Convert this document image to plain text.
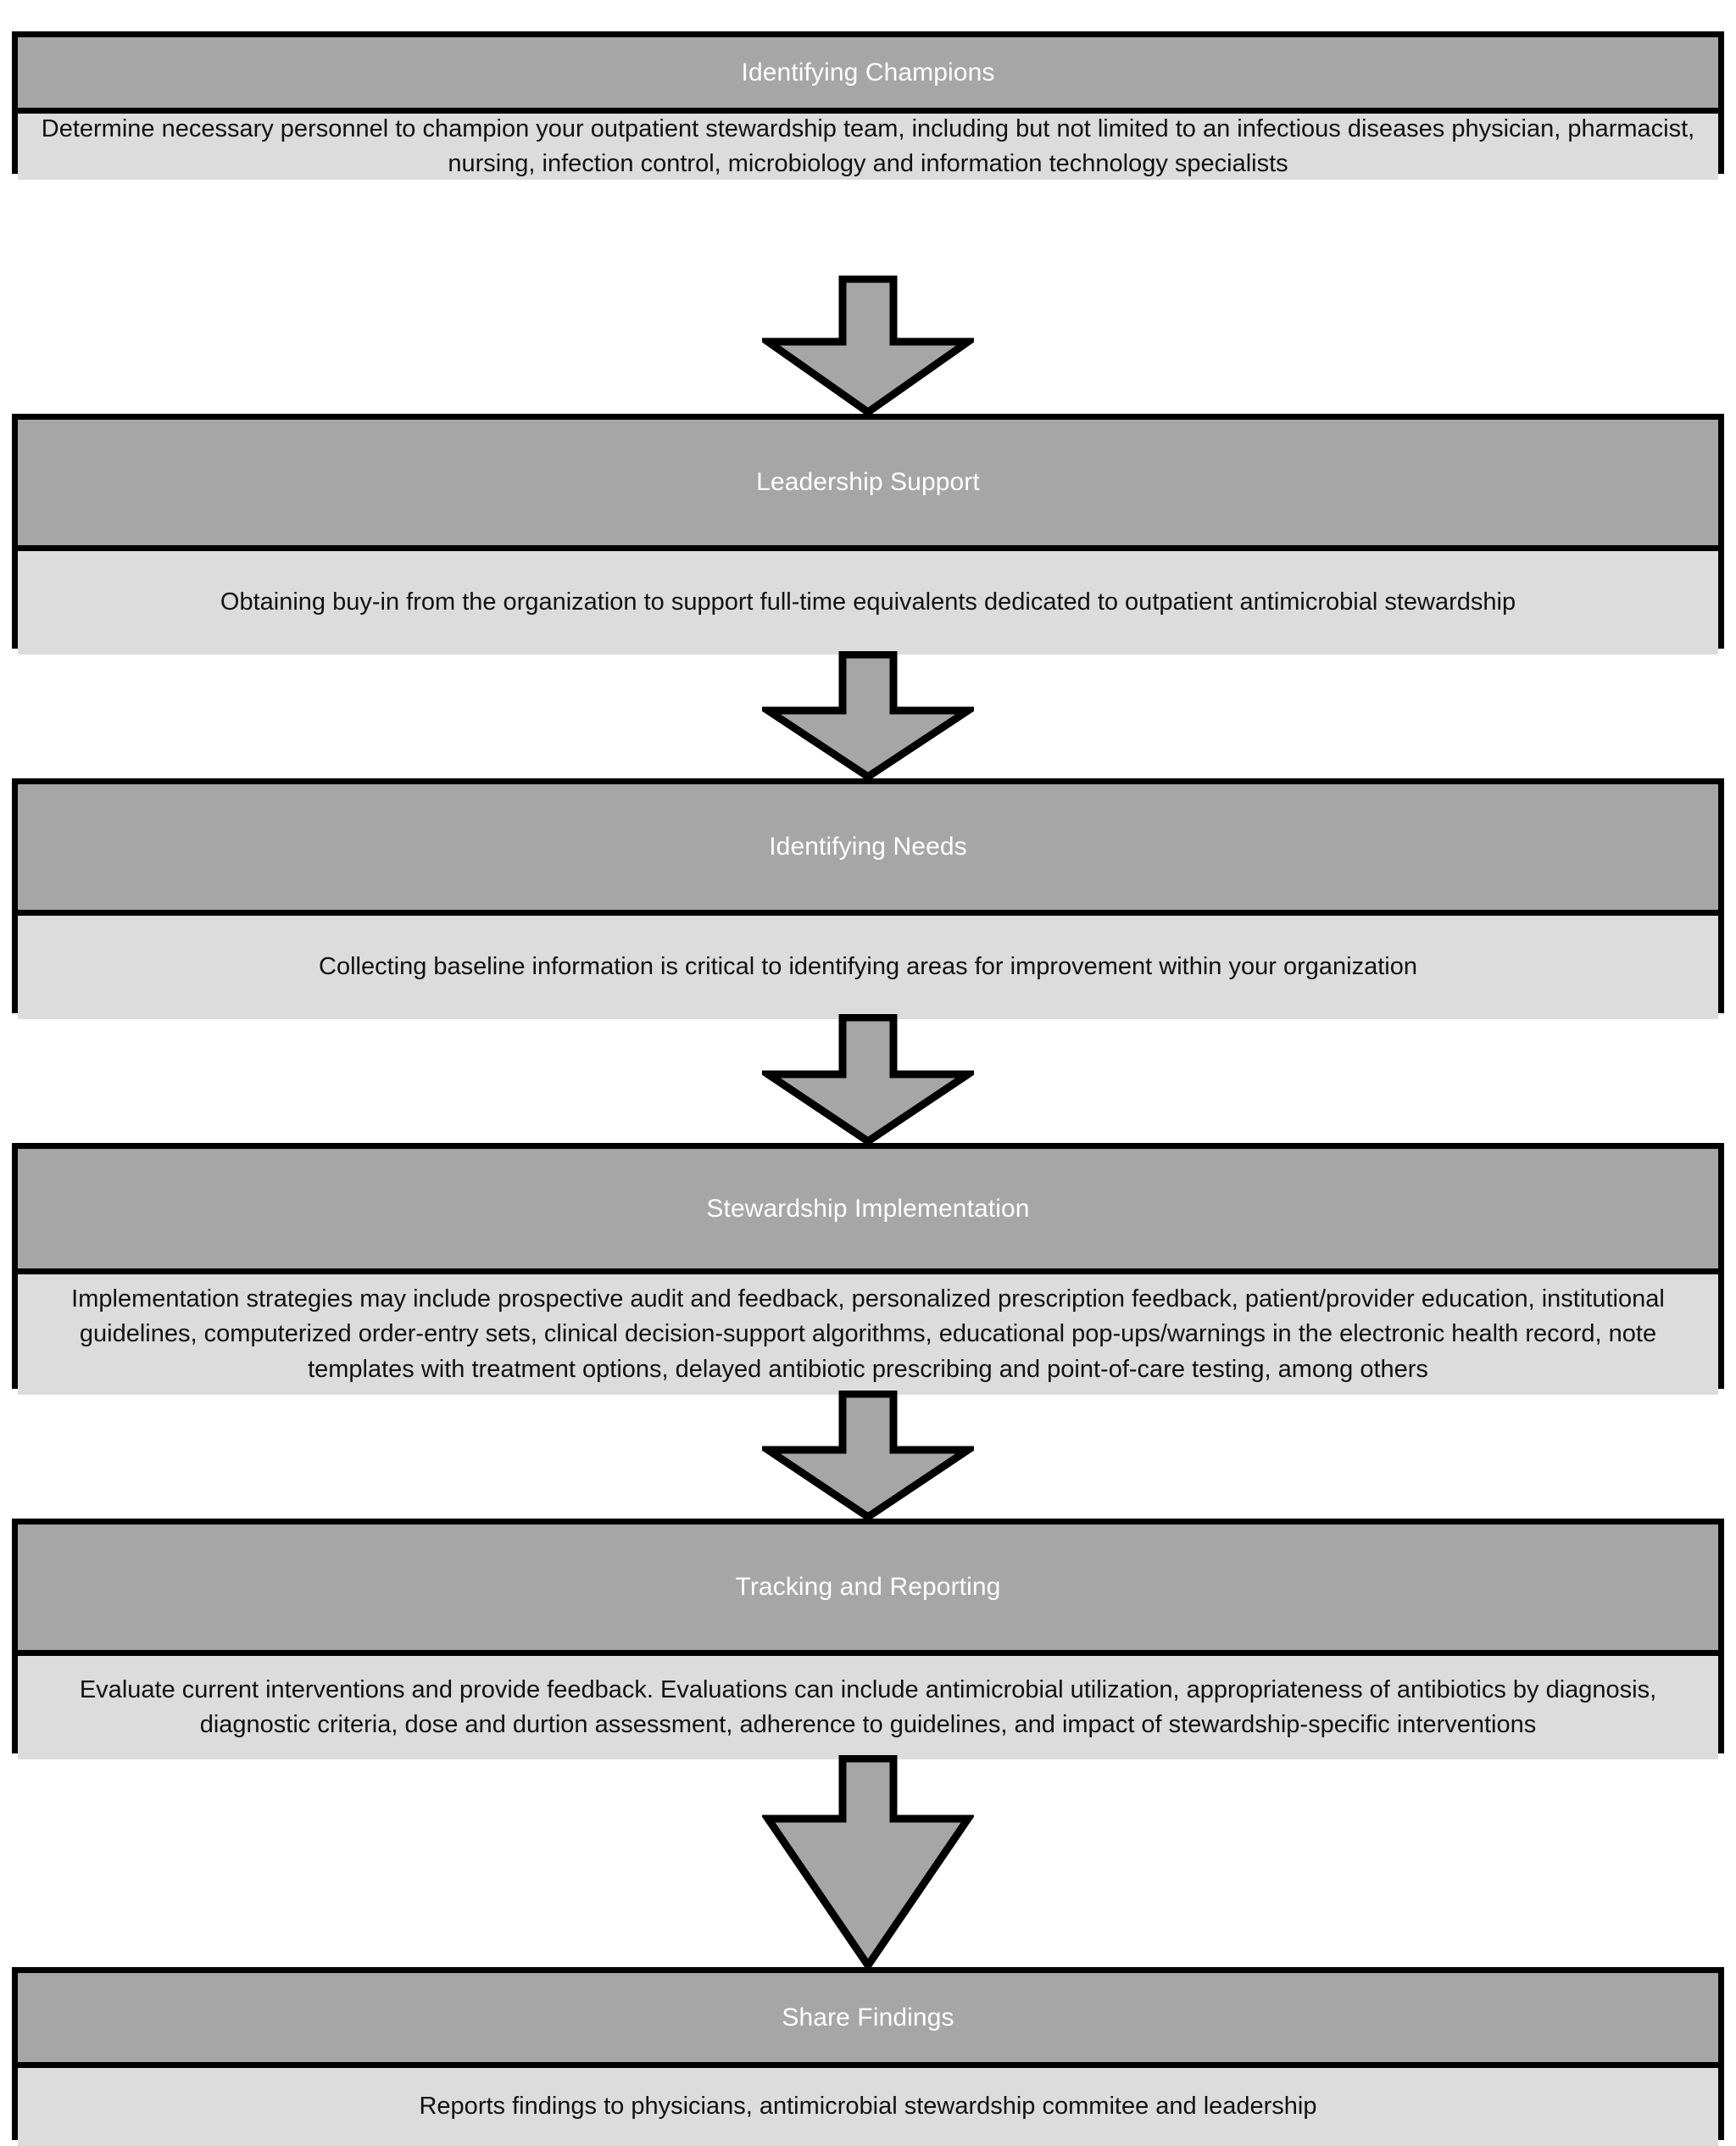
Identifying Champions

Determine necessary personnel to champion your outpatient stewardship team, including but not limited to an infectious diseases physician, pharmacist, nursing, infection control, microbiology and information technology specialists

Leadership Support

Obtaining buy-in from the organization to support full-time equivalents dedicated to outpatient antimicrobial stewardship

Identifying Needs

Collecting baseline information is critical to identifying areas for improvement within your organization

Stewardship Implementation

Implementation strategies may include prospective audit and feedback, personalized prescription feedback, patient/provider education, institutional guidelines, computerized order-entry sets, clinical decision-support algorithms, educational pop-ups/warnings in the electronic health record, note templates with treatment options, delayed antibiotic prescribing and point-of-care testing, among others

Tracking and Reporting

Evaluate current interventions and provide feedback. Evaluations can include antimicrobial utilization, appropriateness of antibiotics by diagnosis, diagnostic criteria, dose and durtion assessment, adherence to guidelines, and impact of stewardship-specific interventions

Share Findings

Reports findings to physicians, antimicrobial stewardship commitee and leadership
